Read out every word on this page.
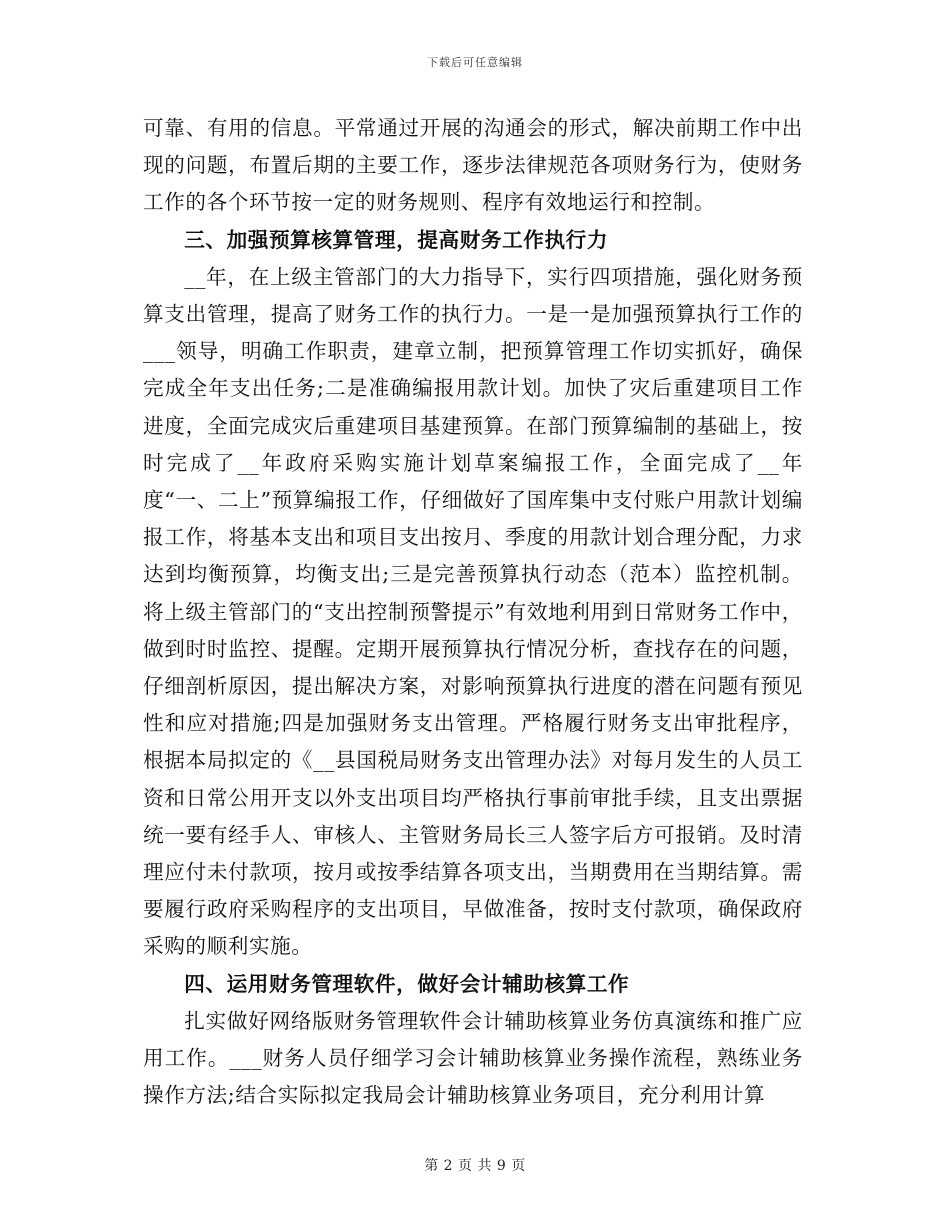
下载后可任意编辑

可靠、有用的信息。平常通过开展的沟通会的形式，解决前期工作中出现的问题，布置后期的主要工作，逐步法律规范各项财务行为，使财务工作的各个环节按一定的财务规则、程序有效地运行和控制。

三、加强预算核算管理，提高财务工作执行力

__年，在上级主管部门的大力指导下，实行四项措施，强化财务预算支出管理，提高了财务工作的执行力。一是一是加强预算执行工作的___领导，明确工作职责，建章立制，把预算管理工作切实抓好，确保完成全年支出任务;二是准确编报用款计划。加快了灾后重建项目工作进度，全面完成灾后重建项目基建预算。在部门预算编制的基础上，按时完成了__年政府采购实施计划草案编报工作，全面完成了__年度“一、二上”预算编报工作，仔细做好了国库集中支付账户用款计划编报工作，将基本支出和项目支出按月、季度的用款计划合理分配，力求达到均衡预算，均衡支出;三是完善预算执行动态（范本）监控机制。将上级主管部门的“支出控制预警提示”有效地利用到日常财务工作中，做到时时监控、提醒。定期开展预算执行情况分析，查找存在的问题，仔细剖析原因，提出解决方案，对影响预算执行进度的潜在问题有预见性和应对措施;四是加强财务支出管理。严格履行财务支出审批程序，根据本局拟定的《__县国税局财务支出管理办法》对每月发生的人员工资和日常公用开支以外支出项目均严格执行事前审批手续，且支出票据统一要有经手人、审核人、主管财务局长三人签字后方可报销。及时清理应付未付款项，按月或按季结算各项支出，当期费用在当期结算。需要履行政府采购程序的支出项目，早做准备，按时支付款项，确保政府采购的顺利实施。

四、运用财务管理软件，做好会计辅助核算工作

扎实做好网络版财务管理软件会计辅助核算业务仿真演练和推广应用工作。___财务人员仔细学习会计辅助核算业务操作流程，熟练业务操作方法;结合实际拟定我局会计辅助核算业务项目，充分利用计算

第 2 页 共 9 页
